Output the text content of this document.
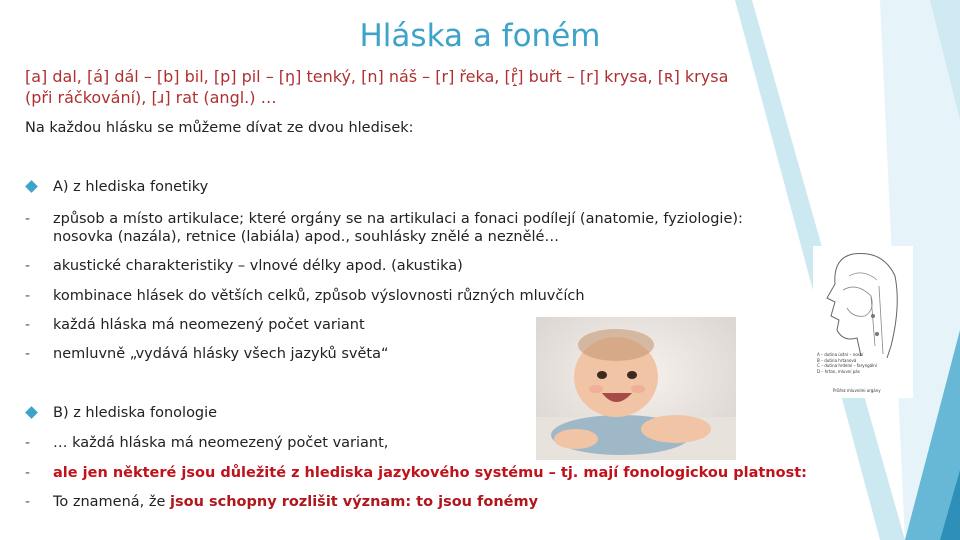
Hláska a foném
[a] dal, [á] dál – [b] bil, [p] pil – [ŋ] tenký, [n] náš – [r] řeka, [r̝̊] buřt – [r] krysa, [ʀ] krysa
(při ráčkování), [ɹ] rat (angl.) …
Na každou hlásku se můžeme dívat ze dvou hledisek:
A) z hlediska fonetiky
-	způsob a místo artikulace; které orgány se na artikulaci a fonaci podílejí (anatomie, fyziologie):
nosovka (nazála), retnice (labiála) apod., souhlásky znělé a neznělé…
-	akustické charakteristiky – vlnové délky apod. (akustika)
-	kombinace hlásek do větších celků, způsob výslovnosti různých mluvčích
-	každá hláska má neomezený počet variant
-	nemluvně „vydává hlásky všech jazyků světa“
B) z hlediska fonologie
-	… každá hláska má neomezený počet variant,
-	ale jen některé jsou důležité z hlediska jazykového systému – tj. mají fonologickou platnost:
-	To znamená, že jsou schopny rozlišit význam: to jsou fonémy
A – dutina ústní – nosní
B – dutina hrtanová
C – dutina hrdelní – faryngální
D – hrtan, mluvní pás
Průřez mluvními orgány
